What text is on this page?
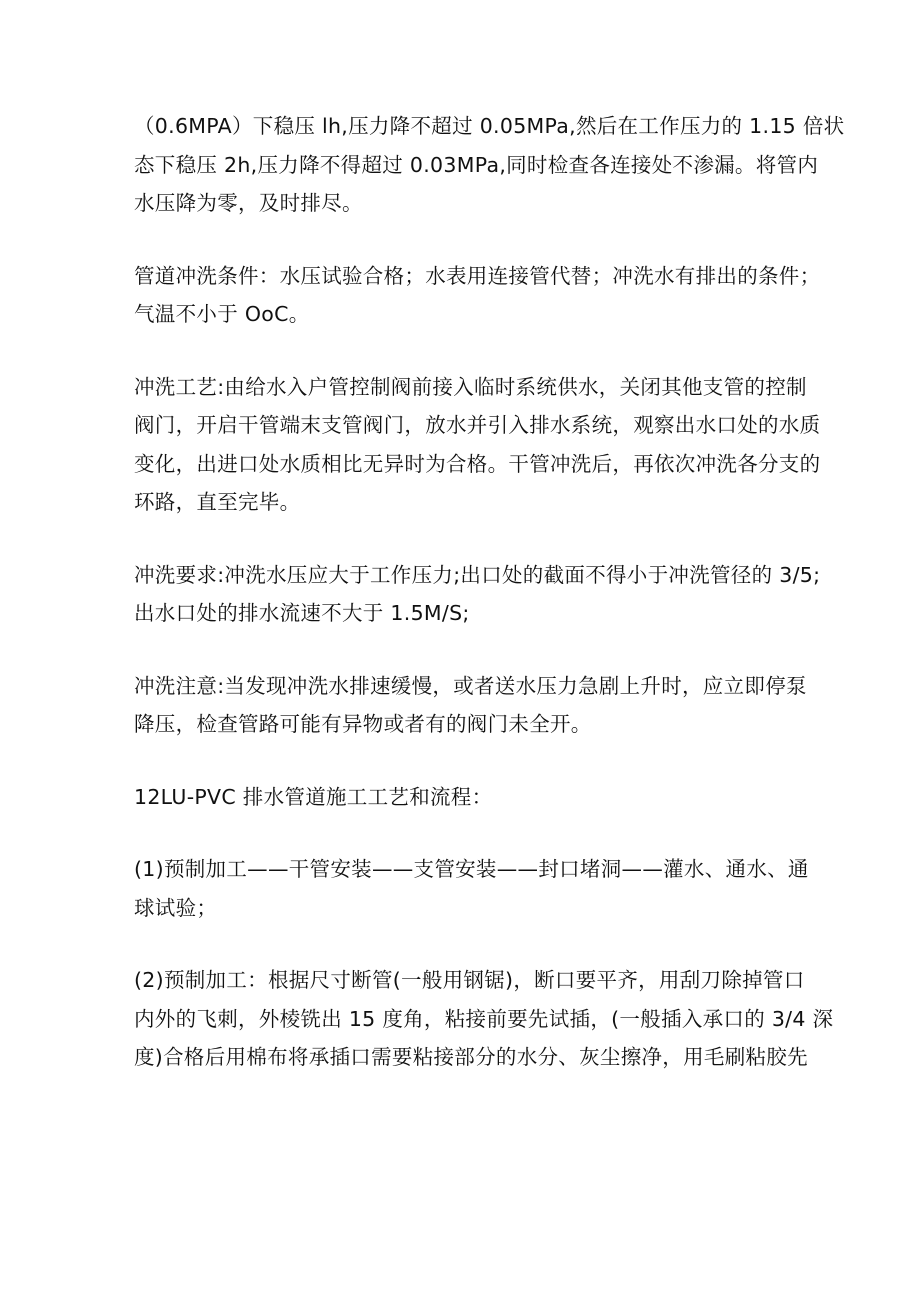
（0.6MPA）下稳压 lh,压力降不超过 0.05MPa,然后在工作压力的 1.15 倍状
态下稳压 2h,压力降不得超过 0.03MPa,同时检查各连接处不渗漏。将管内
水压降为零，及时排尽。

管道冲洗条件：水压试验合格；水表用连接管代替；冲洗水有排出的条件；
气温不小于 OoC。

冲洗工艺:由给水入户管控制阀前接入临时系统供水，关闭其他支管的控制
阀门，开启干管端末支管阀门，放水并引入排水系统，观察出水口处的水质
变化，出进口处水质相比无异时为合格。干管冲洗后，再依次冲洗各分支的
环路，直至完毕。

冲洗要求:冲洗水压应大于工作压力;出口处的截面不得小于冲洗管径的 3/5;
出水口处的排水流速不大于 1.5M/S;

冲洗注意:当发现冲洗水排速缓慢，或者送水压力急剧上升时，应立即停泵
降压，检查管路可能有异物或者有的阀门未全开。

12LU-PVC 排水管道施工工艺和流程：

(1)预制加工——干管安装——支管安装——封口堵洞——灌水、通水、通
球试验；

(2)预制加工：根据尺寸断管(一般用钢锯)，断口要平齐，用刮刀除掉管口
内外的飞刺，外棱铣出 15 度角，粘接前要先试插，(一般插入承口的 3/4 深
度)合格后用棉布将承插口需要粘接部分的水分、灰尘擦净，用毛刷粘胶先
